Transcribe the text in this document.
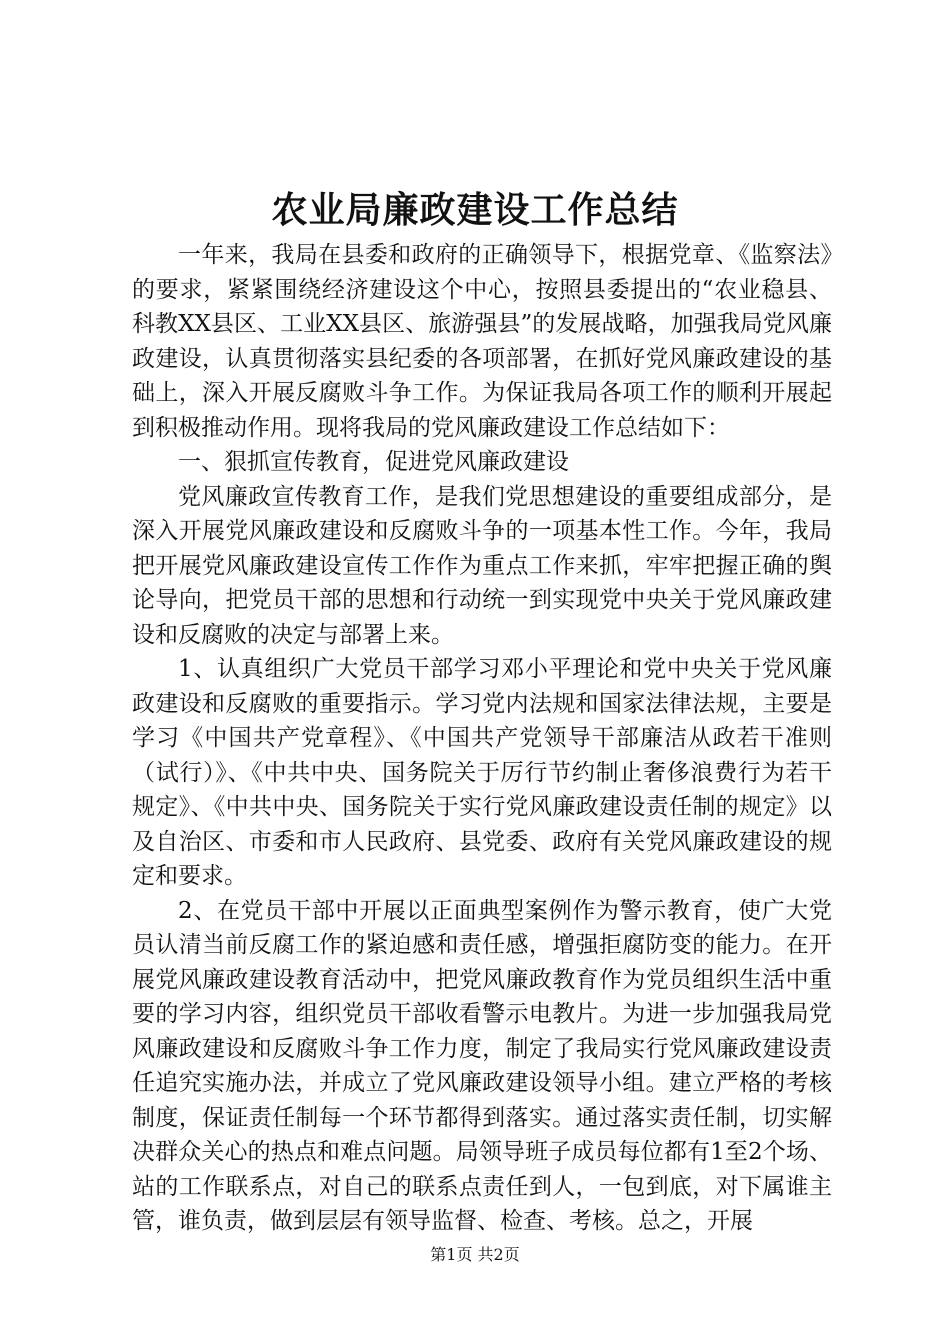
农业局廉政建设工作总结

一年来，我局在县委和政府的正确领导下，根据党章、《监察法》的要求，紧紧围绕经济建设这个中心，按照县委提出的“农业稳县、科教XX县区、工业XX县区、旅游强县”的发展战略，加强我局党风廉政建设，认真贯彻落实县纪委的各项部署，在抓好党风廉政建设的基础上，深入开展反腐败斗争工作。为保证我局各项工作的顺利开展起到积极推动作用。现将我局的党风廉政建设工作总结如下：

一、狠抓宣传教育，促进党风廉政建设

党风廉政宣传教育工作，是我们党思想建设的重要组成部分，是深入开展党风廉政建设和反腐败斗争的一项基本性工作。今年，我局把开展党风廉政建设宣传工作作为重点工作来抓，牢牢把握正确的舆论导向，把党员干部的思想和行动统一到实现党中央关于党风廉政建设和反腐败的决定与部署上来。

1、认真组织广大党员干部学习邓小平理论和党中央关于党风廉政建设和反腐败的重要指示。学习党内法规和国家法律法规，主要是学习《中国共产党章程》、《中国共产党领导干部廉洁从政若干准则（试行）》、《中共中央、国务院关于厉行节约制止奢侈浪费行为若干规定》、《中共中央、国务院关于实行党风廉政建设责任制的规定》以及自治区、市委和市人民政府、县党委、政府有关党风廉政建设的规定和要求。

2、在党员干部中开展以正面典型案例作为警示教育，使广大党员认清当前反腐工作的紧迫感和责任感，增强拒腐防变的能力。在开展党风廉政建设教育活动中，把党风廉政教育作为党员组织生活中重要的学习内容，组织党员干部收看警示电教片。为进一步加强我局党风廉政建设和反腐败斗争工作力度，制定了我局实行党风廉政建设责任追究实施办法，并成立了党风廉政建设领导小组。建立严格的考核制度，保证责任制每一个环节都得到落实。通过落实责任制，切实解决群众关心的热点和难点问题。局领导班子成员每位都有1至2个场、站的工作联系点，对自己的联系点责任到人，一包到底，对下属谁主管，谁负责，做到层层有领导监督、检查、考核。总之，开展

第1页 共2页
